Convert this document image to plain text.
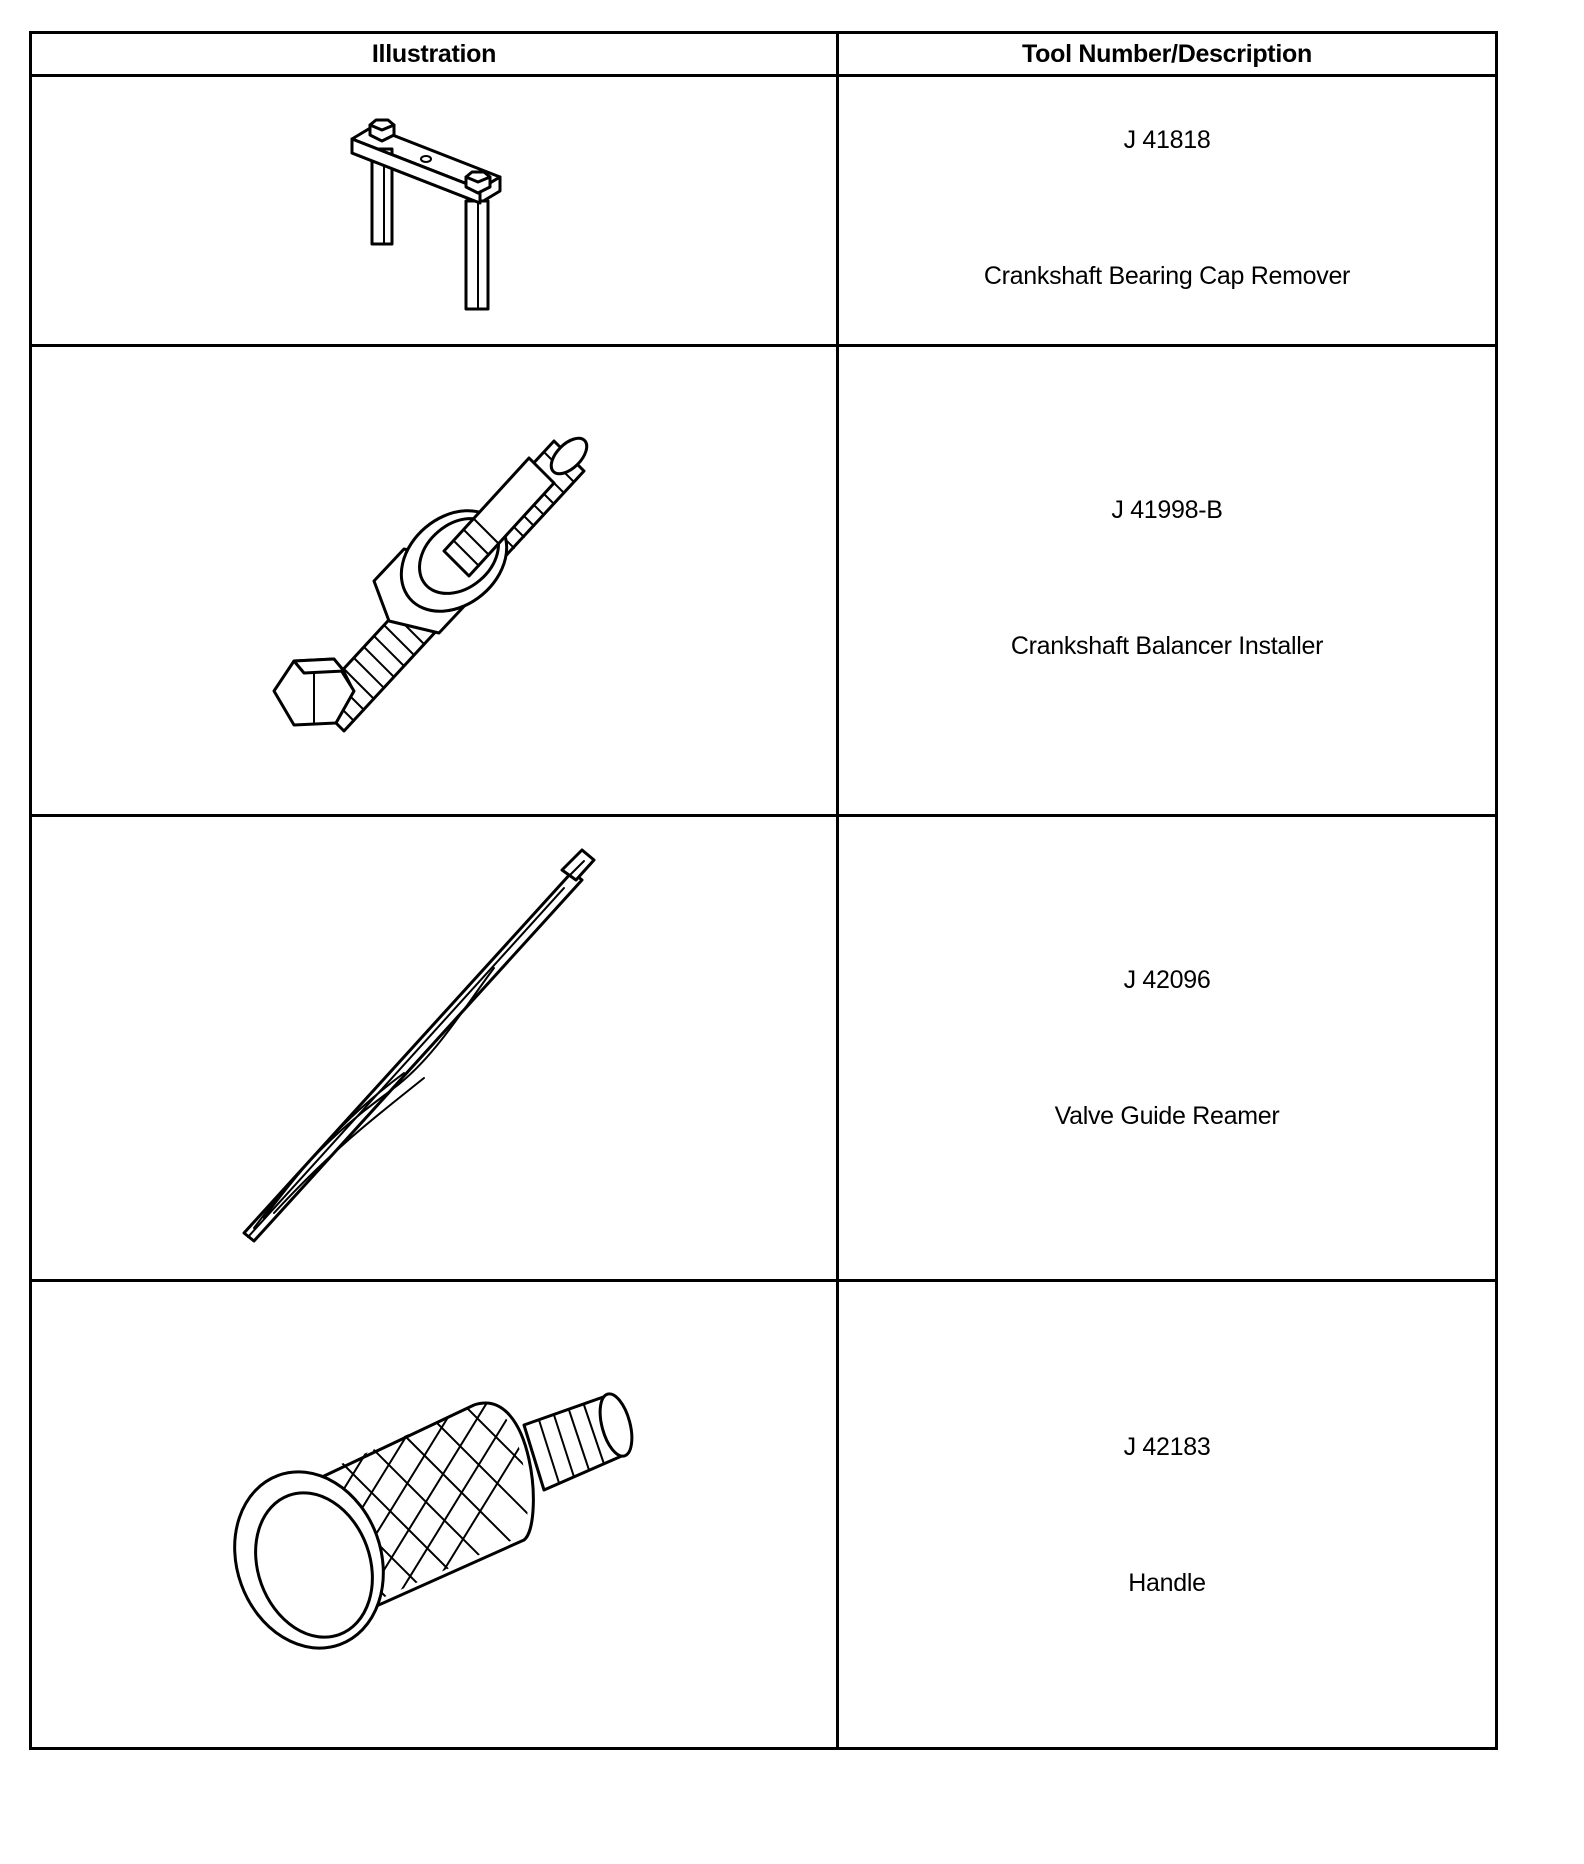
Illustration	Tool Number/Description

J 41818
Crankshaft Bearing Cap Remover

J 41998-B
Crankshaft Balancer Installer

J 42096
Valve Guide Reamer

J 42183
Handle
